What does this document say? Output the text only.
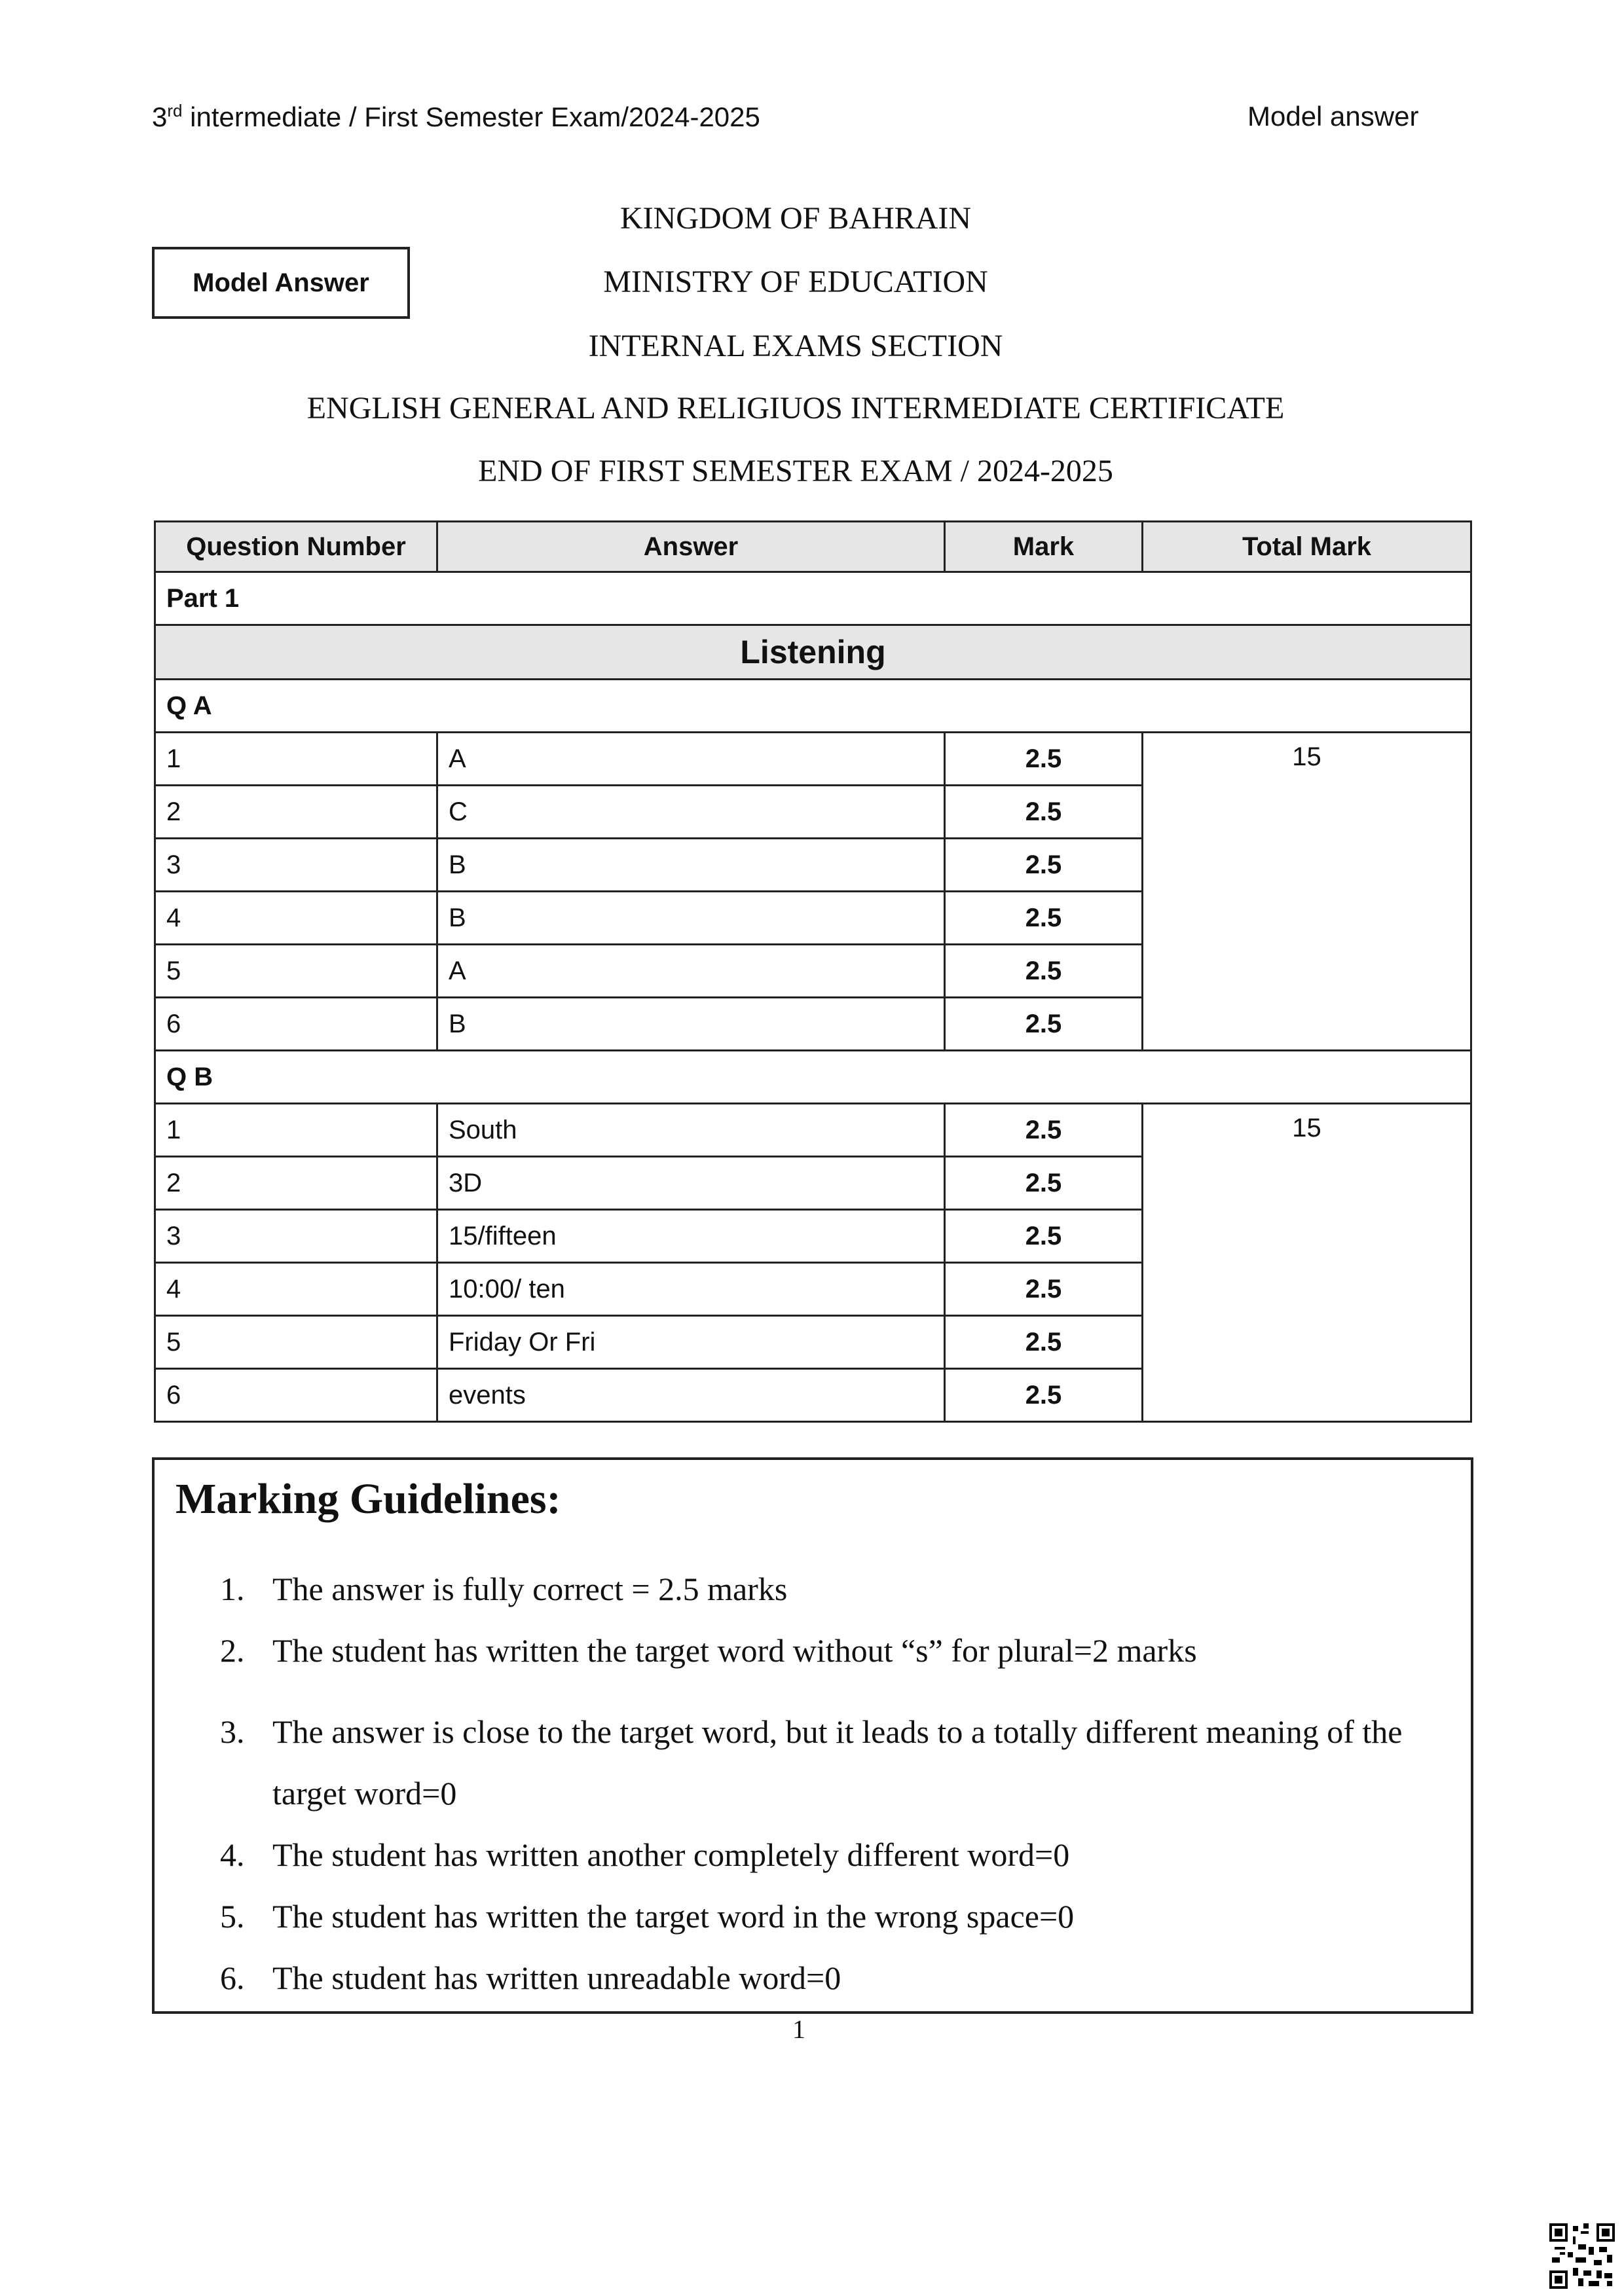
3rd intermediate / First Semester Exam/2024-2025	Model answer
Model Answer
KINGDOM OF BAHRAIN
MINISTRY OF EDUCATION
INTERNAL EXAMS SECTION
ENGLISH GENERAL AND RELIGIUOS INTERMEDIATE CERTIFICATE
END OF FIRST SEMESTER EXAM / 2024-2025
Question Number	Answer	Mark	Total Mark
Part 1			
Listening			
Q A			
1	A	2.5	15
2	C	2.5	
3	B	2.5	
4	B	2.5	
5	A	2.5	
6	B	2.5	
Q B			
1	South	2.5	15
2	3D	2.5	
3	15/fifteen	2.5	
4	10:00/ ten	2.5	
5	Friday Or Fri	2.5	
6	events	2.5	
Marking Guidelines:
1. The answer is fully correct = 2.5 marks
2. The student has written the target word without “s” for plural=2 marks
3. The answer is close to the target word, but it leads to a totally different meaning of the target word=0
4. The student has written another completely different word=0
5. The student has written the target word in the wrong space=0
6. The student has written unreadable word=0
1
